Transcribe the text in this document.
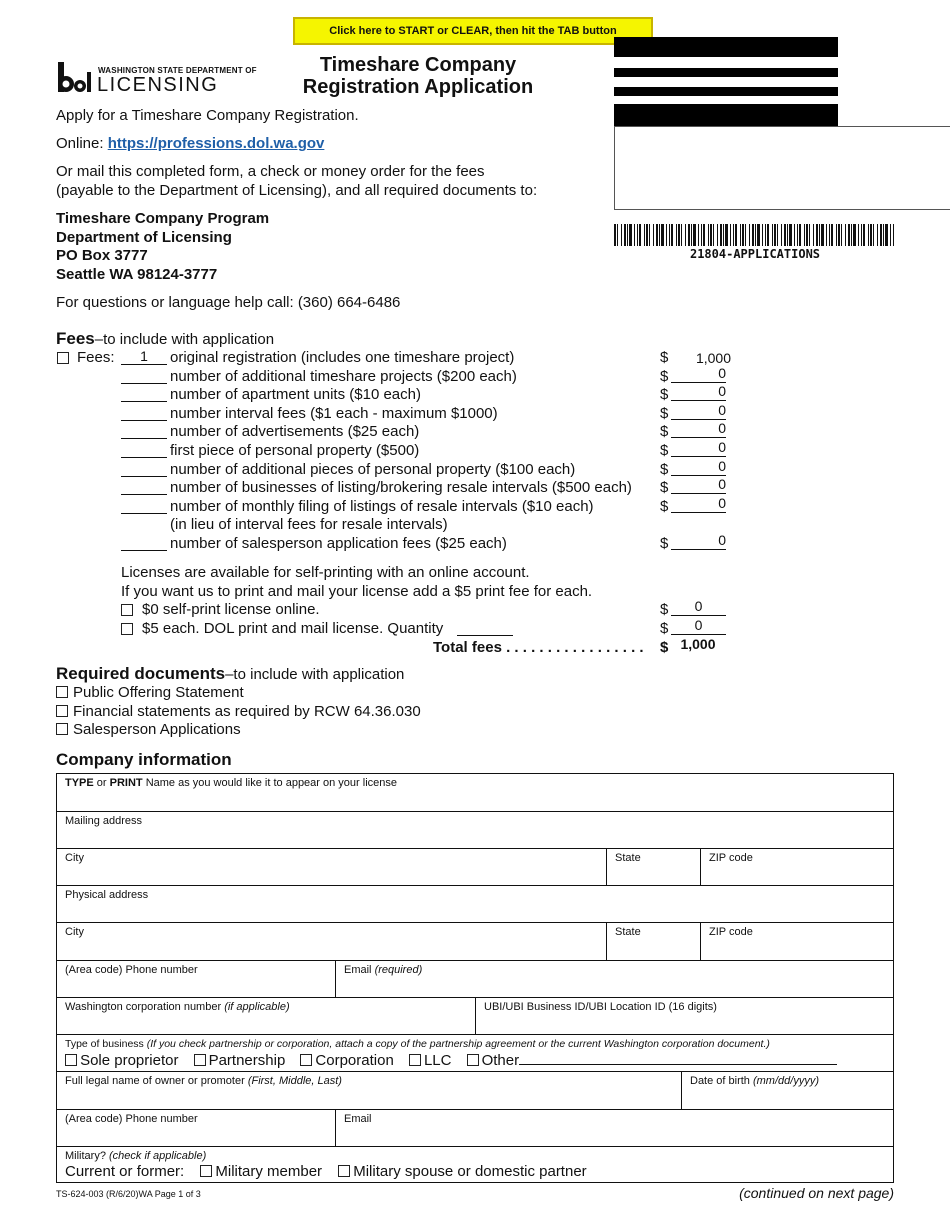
Click here to START or CLEAR, then hit the TAB button
WASHINGTON STATE DEPARTMENT OF
LICENSING
Timeshare Company
Registration Application
21804-APPLICATIONS
Apply for a Timeshare Company Registration.
Online: https://professions.dol.wa.gov
Or mail this completed form, a check or money order for the fees
(payable to the Department of Licensing), and all required documents to:
Timeshare Company Program
Department of Licensing
PO Box 3777
Seattle WA 98124-3777
For questions or language help call: (360) 664-6486
Fees–to include with application
Fees:	1	original registration (includes one timeshare project)	$	1,000
number of additional timeshare projects ($200 each)	$	0
number of apartment units ($10 each)	$	0
number interval fees ($1 each - maximum $1000)	$	0
number of advertisements ($25 each)	$	0
first piece of personal property ($500)	$	0
number of additional pieces of personal property ($100 each)	$	0
number of businesses of listing/brokering resale intervals ($500 each) $	0
number of monthly filing of listings of resale intervals ($10 each)	$	0
(in lieu of interval fees for resale intervals)
number of salesperson application fees ($25 each)	$	0
Licenses are available for self-printing with an online account.
If you want us to print and mail your license add a $5 print fee for each.
$0 self-print license online.	$	0
$5 each. DOL print and mail license. Quantity	$	0
Total fees . . . . . . . . . . . . . . . . . $ 1,000
Required documents–to include with application
Public Offering Statement
Financial statements as required by RCW 64.36.030
Salesperson Applications
Company information
TYPE or PRINT Name as you would like it to appear on your license
Mailing address
City	State	ZIP code
Physical address
City	State	ZIP code
(Area code) Phone number	Email (required)
Washington corporation number (if applicable)	UBI/UBI Business ID/UBI Location ID (16 digits)
Type of business (If you check partnership or corporation, attach a copy of the partnership agreement or the current Washington corporation document.)
Sole proprietor Partnership Corporation LLC Other
Full legal name of owner or promoter (First, Middle, Last)	Date of birth (mm/dd/yyyy)
(Area code) Phone number	Email
Military? (check if applicable)
Current or former: Military member Military spouse or domestic partner
TS-624-003 (R/6/20)WA Page 1 of 3	(continued on next page)
